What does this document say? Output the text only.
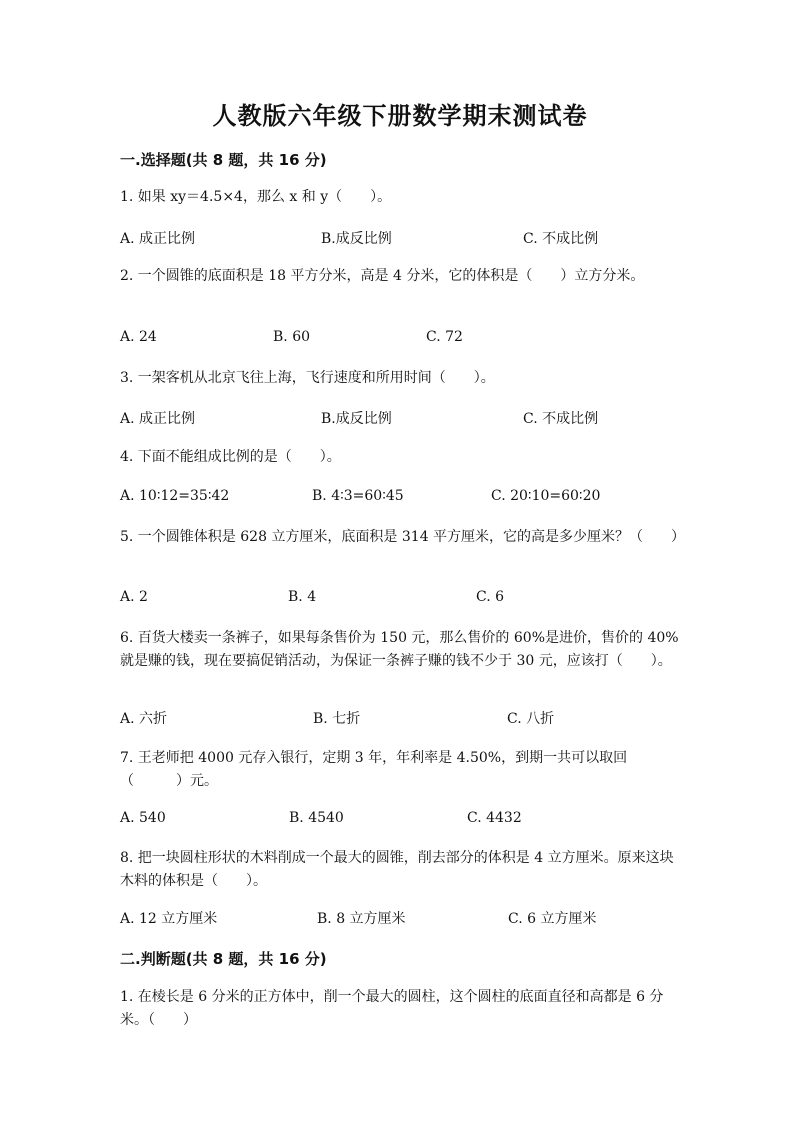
人教版六年级下册数学期末测试卷
一.选择题(共 8 题，共 16 分)
1. 如果 xy＝4.5×4，那么 x 和 y（　　）。
A. 成正比例	B.成反比例	C. 不成比例
2. 一个圆锥的底面积是 18 平方分米，高是 4 分米，它的体积是（　　）立方分米。
A. 24	B. 60	C. 72
3. 一架客机从北京飞往上海，飞行速度和所用时间（　　）。
A. 成正比例	B.成反比例	C. 不成比例
4. 下面不能组成比例的是（　　）。
A. 10∶12=35∶42	B. 4∶3=60∶45	C. 20∶10=60∶20
5. 一个圆锥体积是 628 立方厘米，底面积是 314 平方厘米，它的高是多少厘米？（　　）
A. 2	B. 4	C. 6
6. 百货大楼卖一条裤子，如果每条售价为 150 元，那么售价的 60%是进价，售价的 40%就是赚的钱，现在要搞促销活动，为保证一条裤子赚的钱不少于 30 元，应该打（　　）。
A. 六折	B. 七折	C. 八折
7. 王老师把 4000 元存入银行，定期 3 年，年利率是 4.50%，到期一共可以取回（　　　）元。
A. 540	B. 4540	C. 4432
8. 把一块圆柱形状的木料削成一个最大的圆锥，削去部分的体积是 4 立方厘米。原来这块木料的体积是（　　）。
A. 12 立方厘米	B. 8 立方厘米	C. 6 立方厘米
二.判断题(共 8 题，共 16 分)
1. 在棱长是 6 分米的正方体中，削一个最大的圆柱，这个圆柱的底面直径和高都是 6 分米。（　　）
